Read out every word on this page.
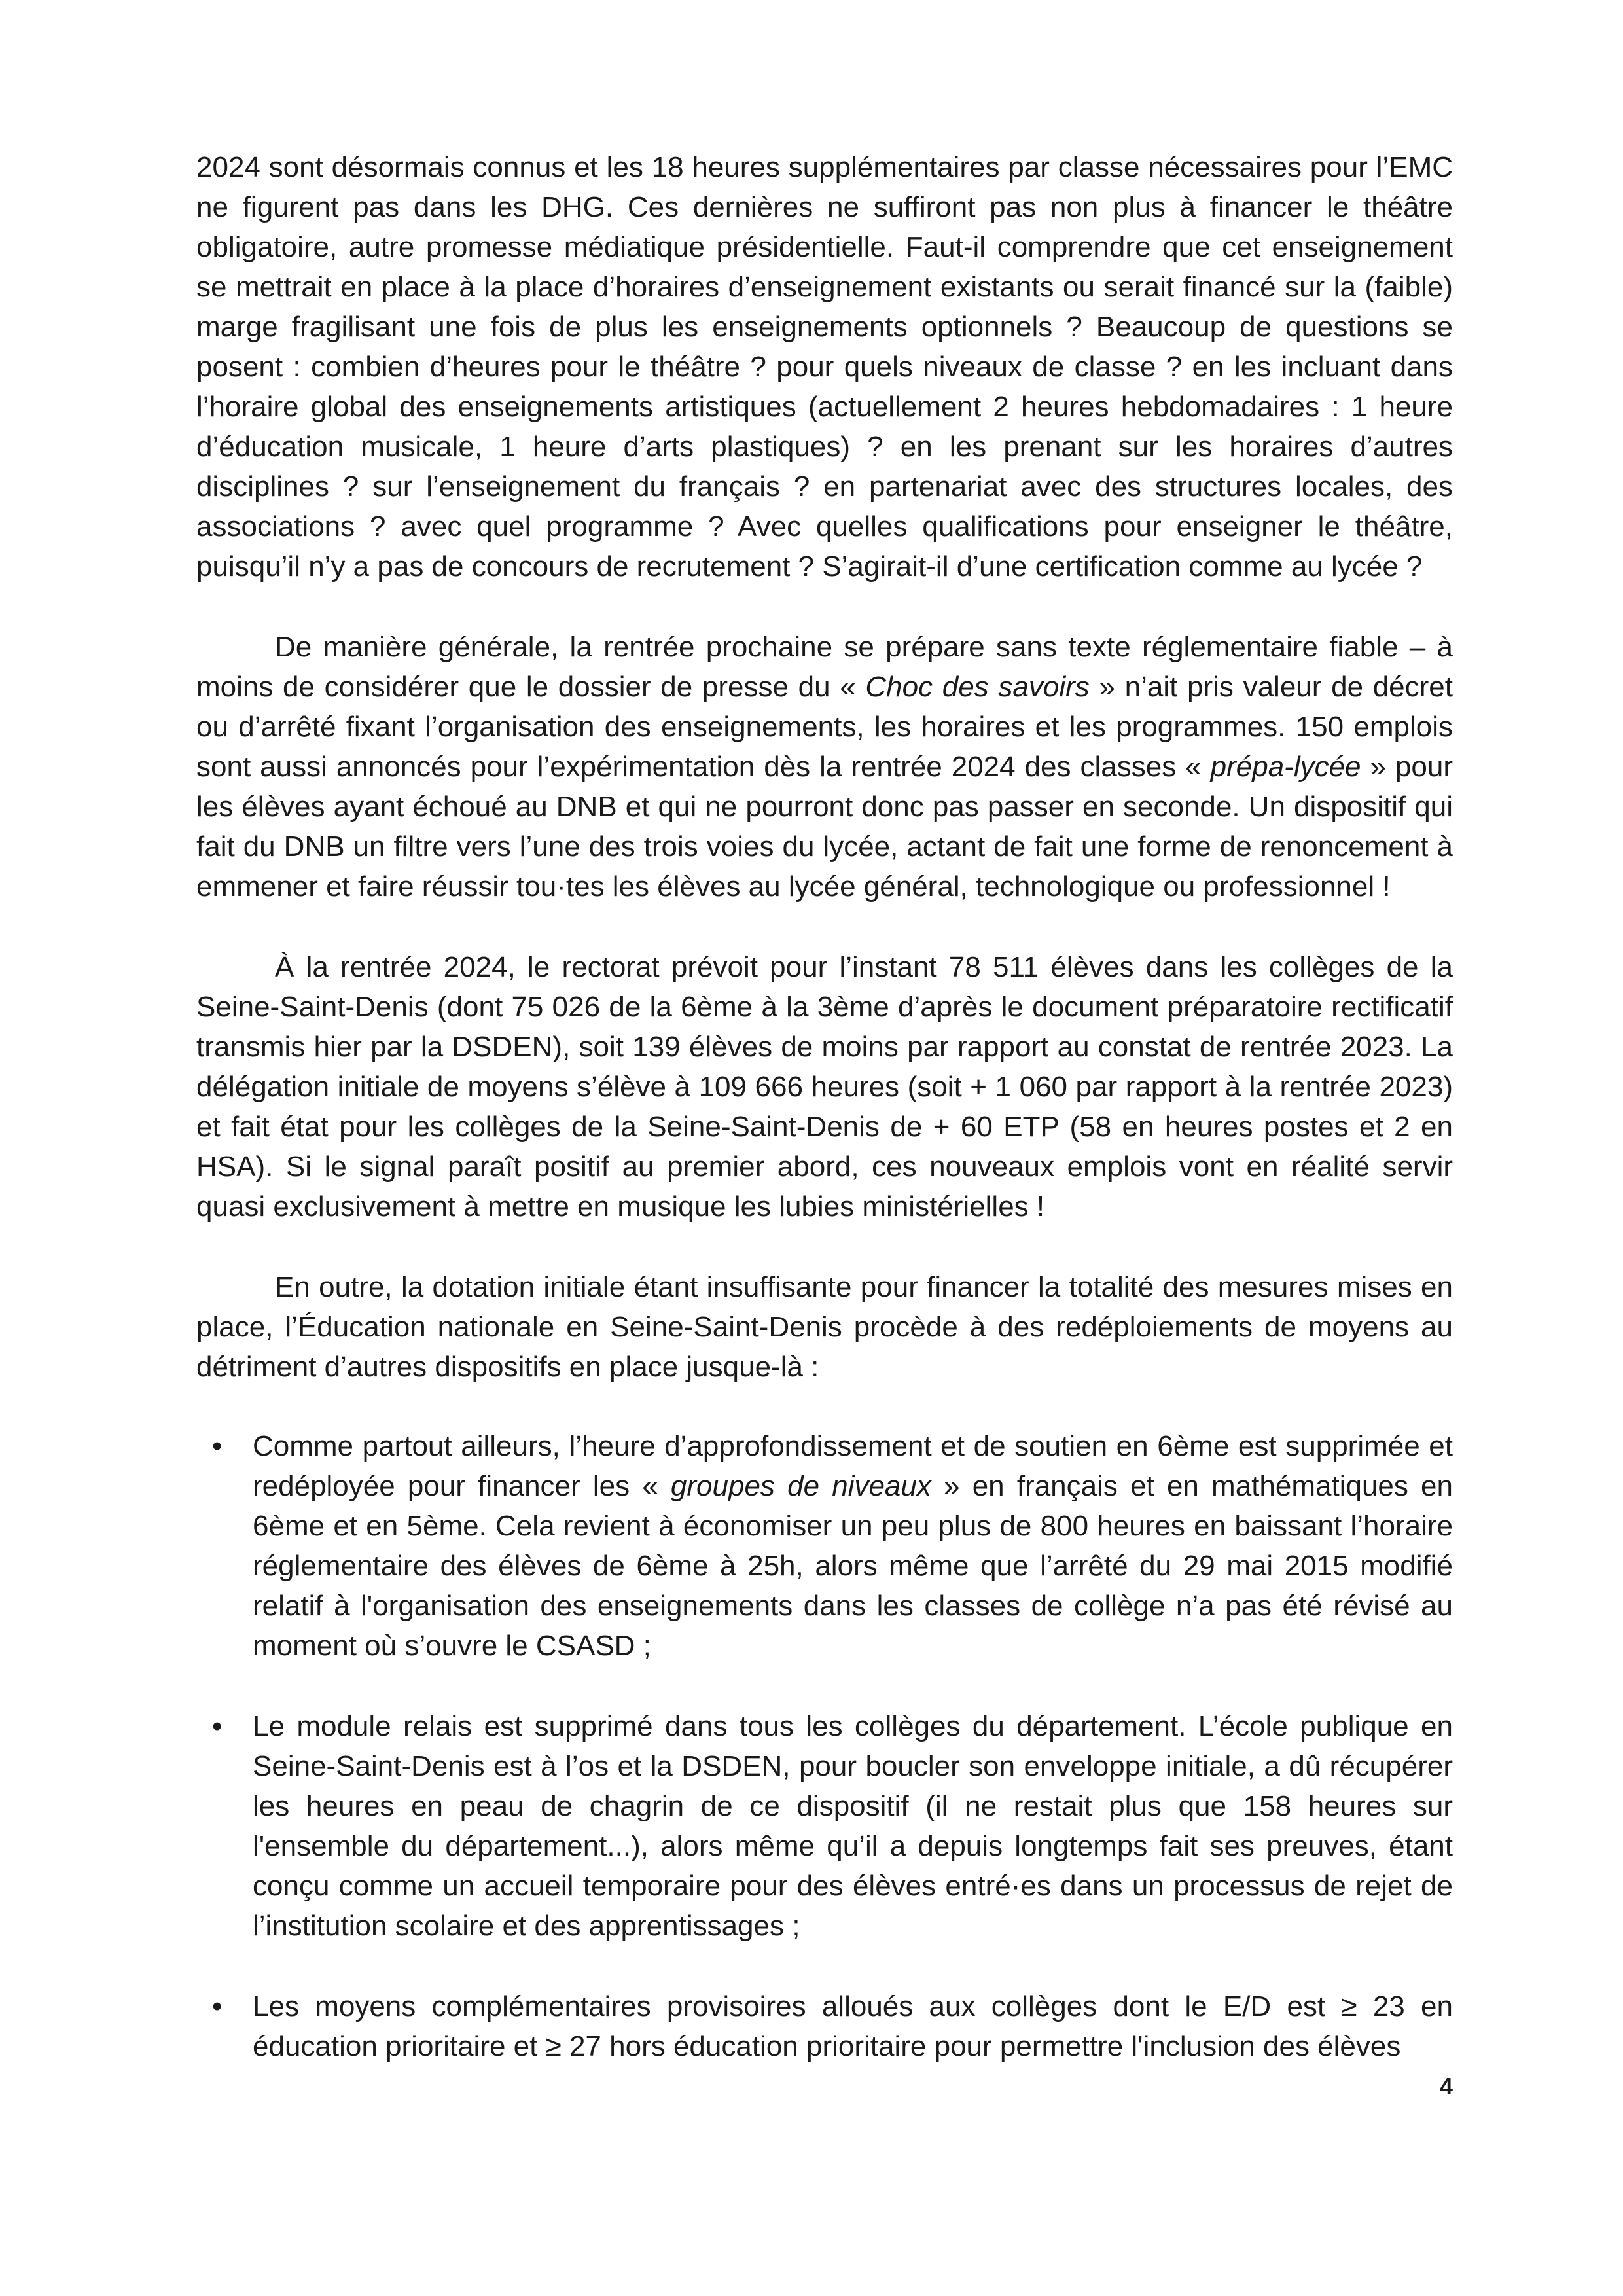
2024 sont désormais connus et les 18 heures supplémentaires par classe nécessaires pour l’EMC ne figurent pas dans les DHG. Ces dernières ne suffiront pas non plus à financer le théâtre obligatoire, autre promesse médiatique présidentielle. Faut-il comprendre que cet enseignement se mettrait en place à la place d’horaires d’enseignement existants ou serait financé sur la (faible) marge fragilisant une fois de plus les enseignements optionnels ? Beaucoup de questions se posent : combien d’heures pour le théâtre ? pour quels niveaux de classe ? en les incluant dans l’horaire global des enseignements artistiques (actuellement 2 heures hebdomadaires : 1 heure d’éducation musicale, 1 heure d’arts plastiques) ? en les prenant sur les horaires d’autres disciplines ? sur l’enseignement du français ? en partenariat avec des structures locales, des associations ? avec quel programme ? Avec quelles qualifications pour enseigner le théâtre, puisqu’il n’y a pas de concours de recrutement ? S’agirait-il d’une certification comme au lycée ?

De manière générale, la rentrée prochaine se prépare sans texte réglementaire fiable – à moins de considérer que le dossier de presse du « Choc des savoirs » n’ait pris valeur de décret ou d’arrêté fixant l’organisation des enseignements, les horaires et les programmes. 150 emplois sont aussi annoncés pour l’expérimentation dès la rentrée 2024 des classes « prépa-lycée » pour les élèves ayant échoué au DNB et qui ne pourront donc pas passer en seconde. Un dispositif qui fait du DNB un filtre vers l’une des trois voies du lycée, actant de fait une forme de renoncement à emmener et faire réussir tou·tes les élèves au lycée général, technologique ou professionnel !

À la rentrée 2024, le rectorat prévoit pour l’instant 78 511 élèves dans les collèges de la Seine-Saint-Denis (dont 75 026 de la 6ème à la 3ème d’après le document préparatoire rectificatif transmis hier par la DSDEN), soit 139 élèves de moins par rapport au constat de rentrée 2023. La délégation initiale de moyens s’élève à 109 666 heures (soit + 1 060 par rapport à la rentrée 2023) et fait état pour les collèges de la Seine-Saint-Denis de + 60 ETP (58 en heures postes et 2 en HSA). Si le signal paraît positif au premier abord, ces nouveaux emplois vont en réalité servir quasi exclusivement à mettre en musique les lubies ministérielles !

En outre, la dotation initiale étant insuffisante pour financer la totalité des mesures mises en place, l’Éducation nationale en Seine-Saint-Denis procède à des redéploiements de moyens au détriment d’autres dispositifs en place jusque-là :

• Comme partout ailleurs, l’heure d’approfondissement et de soutien en 6ème est supprimée et redéployée pour financer les « groupes de niveaux » en français et en mathématiques en 6ème et en 5ème. Cela revient à économiser un peu plus de 800 heures en baissant l’horaire réglementaire des élèves de 6ème à 25h, alors même que l’arrêté du 29 mai 2015 modifié relatif à l'organisation des enseignements dans les classes de collège n’a pas été révisé au moment où s’ouvre le CSASD ;
• Le module relais est supprimé dans tous les collèges du département. L’école publique en Seine-Saint-Denis est à l’os et la DSDEN, pour boucler son enveloppe initiale, a dû récupérer les heures en peau de chagrin de ce dispositif (il ne restait plus que 158 heures sur l'ensemble du département...), alors même qu’il a depuis longtemps fait ses preuves, étant conçu comme un accueil temporaire pour des élèves entré·es dans un processus de rejet de l’institution scolaire et des apprentissages ;
• Les moyens complémentaires provisoires alloués aux collèges dont le E/D est ≥ 23 en éducation prioritaire et ≥ 27 hors éducation prioritaire pour permettre l'inclusion des élèves
4
